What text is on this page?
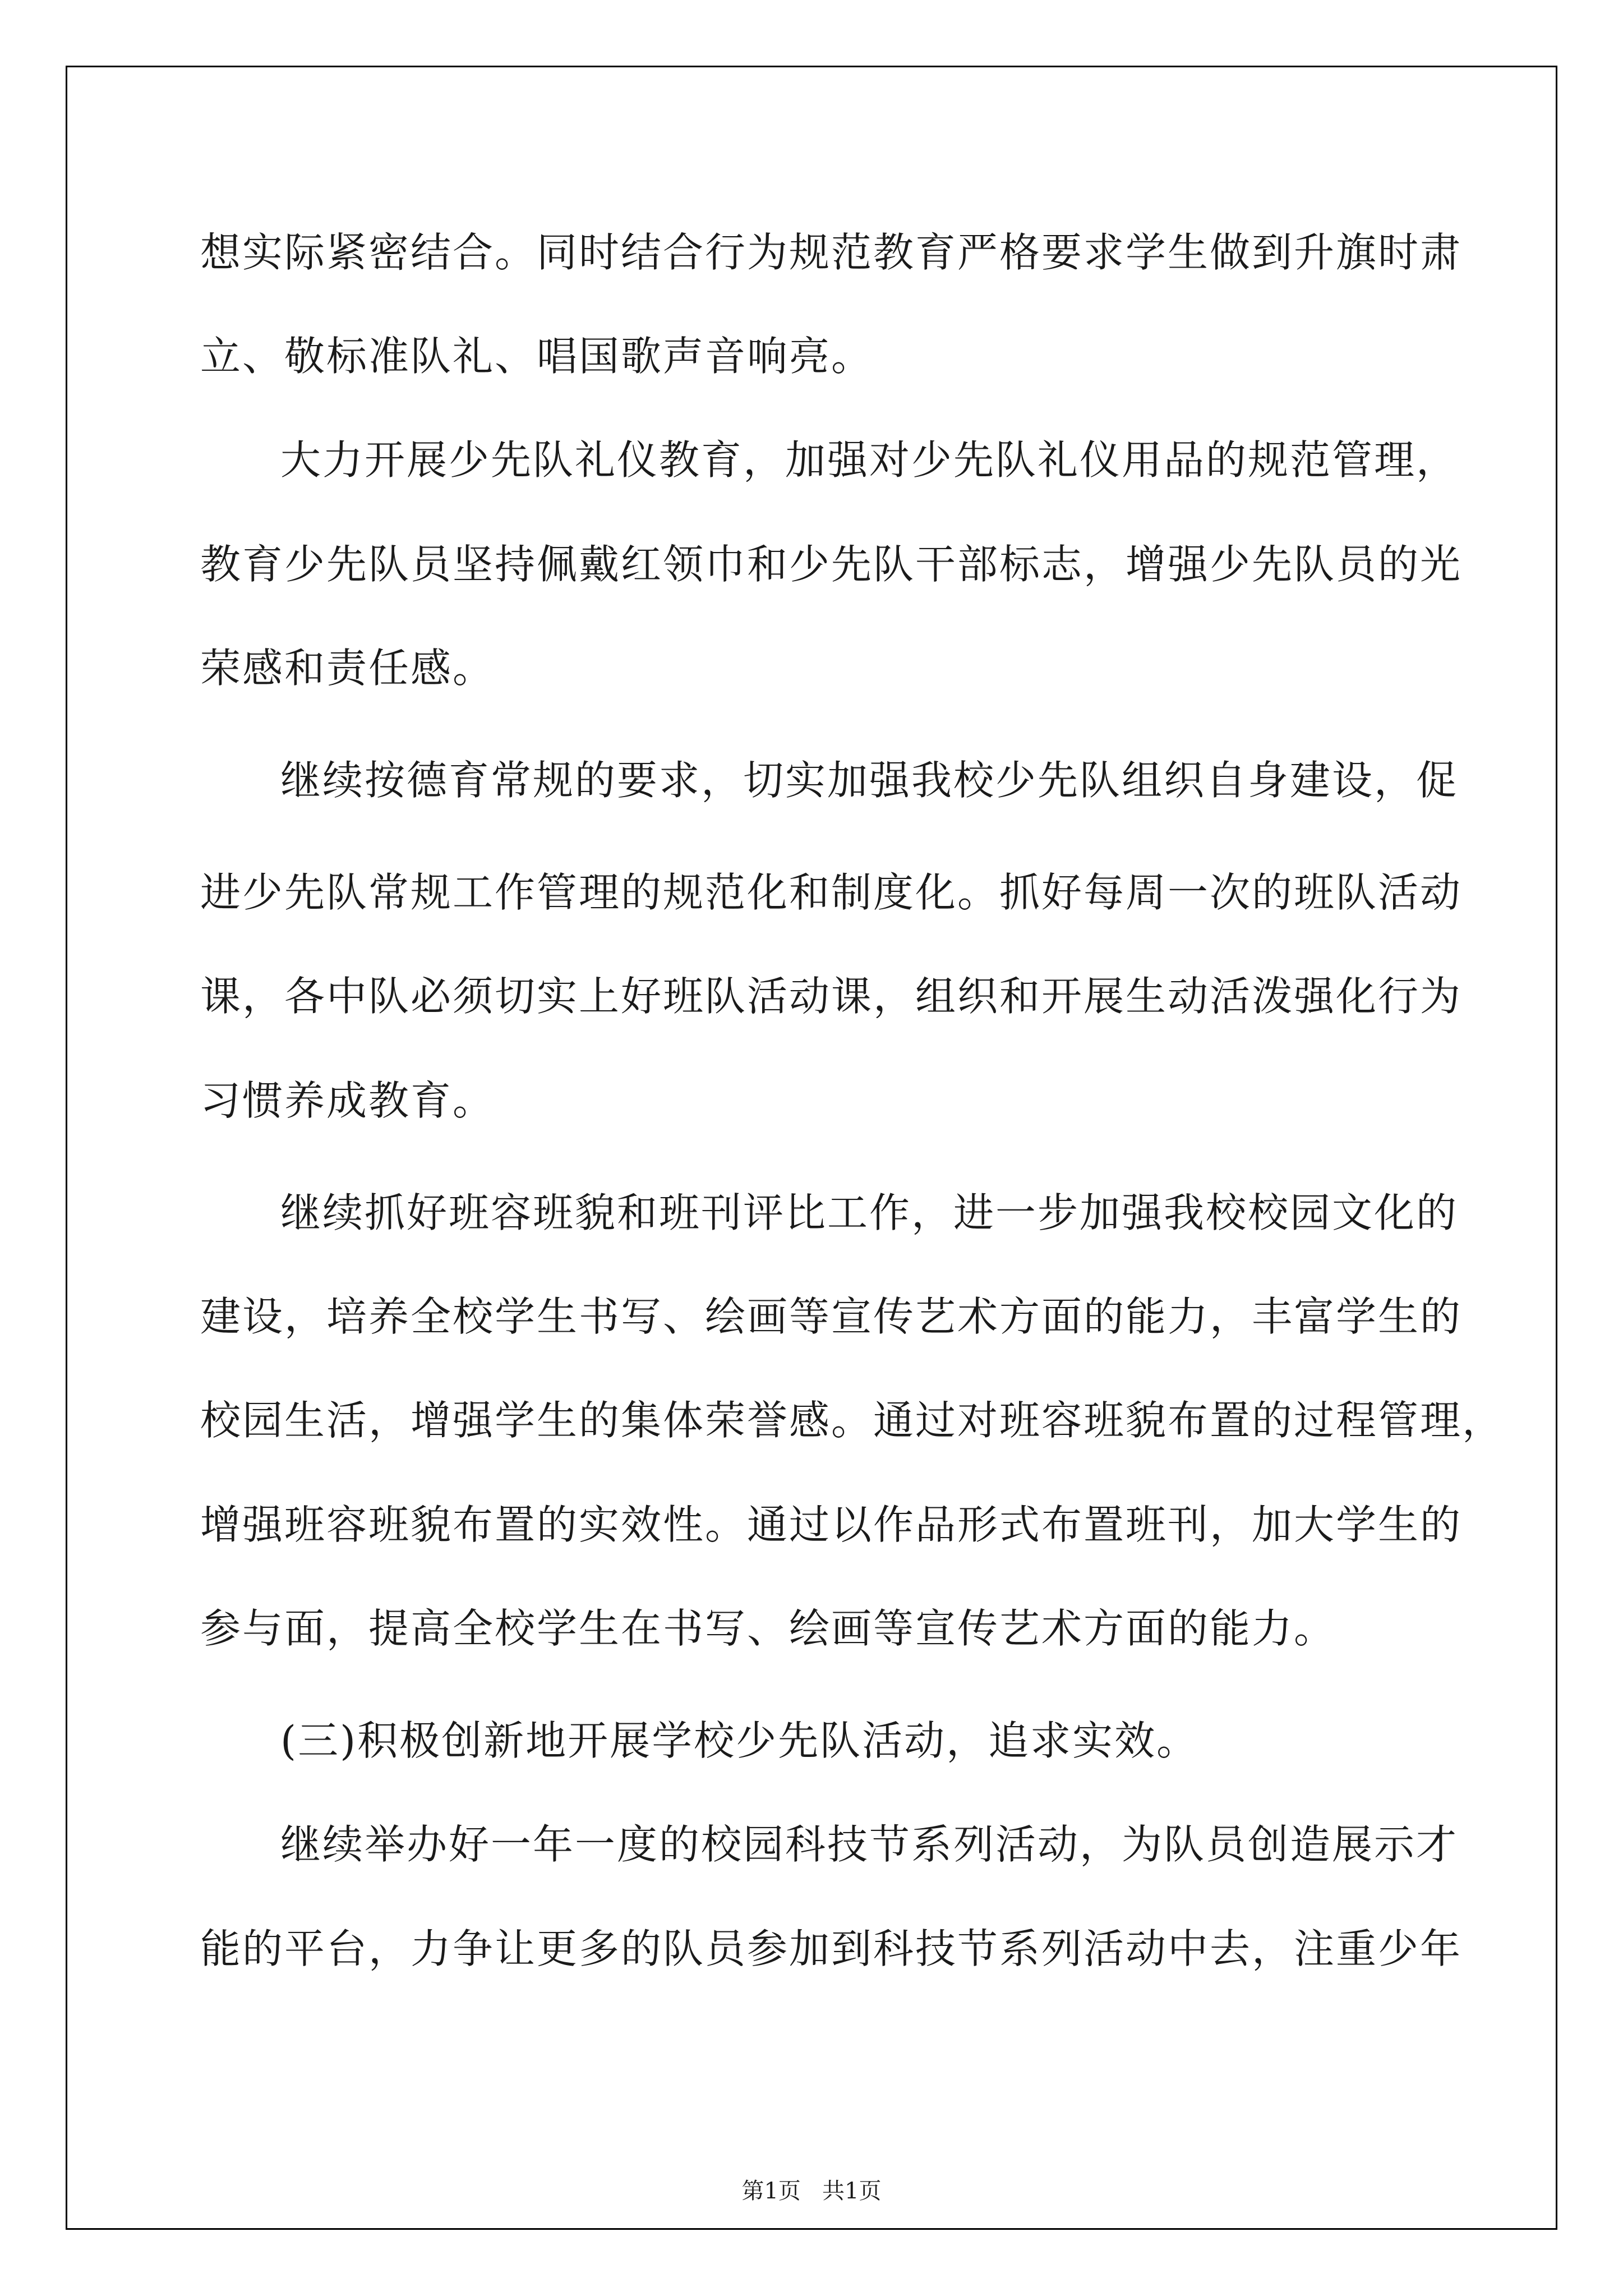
想实际紧密结合。同时结合行为规范教育严格要求学生做到升旗时肃
立、敬标准队礼、唱国歌声音响亮。
大力开展少先队礼仪教育，加强对少先队礼仪用品的规范管理，
教育少先队员坚持佩戴红领巾和少先队干部标志，增强少先队员的光
荣感和责任感。
继续按德育常规的要求，切实加强我校少先队组织自身建设，促
进少先队常规工作管理的规范化和制度化。抓好每周一次的班队活动
课，各中队必须切实上好班队活动课，组织和开展生动活泼强化行为
习惯养成教育。
继续抓好班容班貌和班刊评比工作，进一步加强我校校园文化的
建设，培养全校学生书写、绘画等宣传艺术方面的能力，丰富学生的
校园生活，增强学生的集体荣誉感。通过对班容班貌布置的过程管理，
增强班容班貌布置的实效性。通过以作品形式布置班刊，加大学生的
参与面，提高全校学生在书写、绘画等宣传艺术方面的能力。
(三)积极创新地开展学校少先队活动，追求实效。
继续举办好一年一度的校园科技节系列活动，为队员创造展示才
能的平台，力争让更多的队员参加到科技节系列活动中去，注重少年
第1页   共1页
